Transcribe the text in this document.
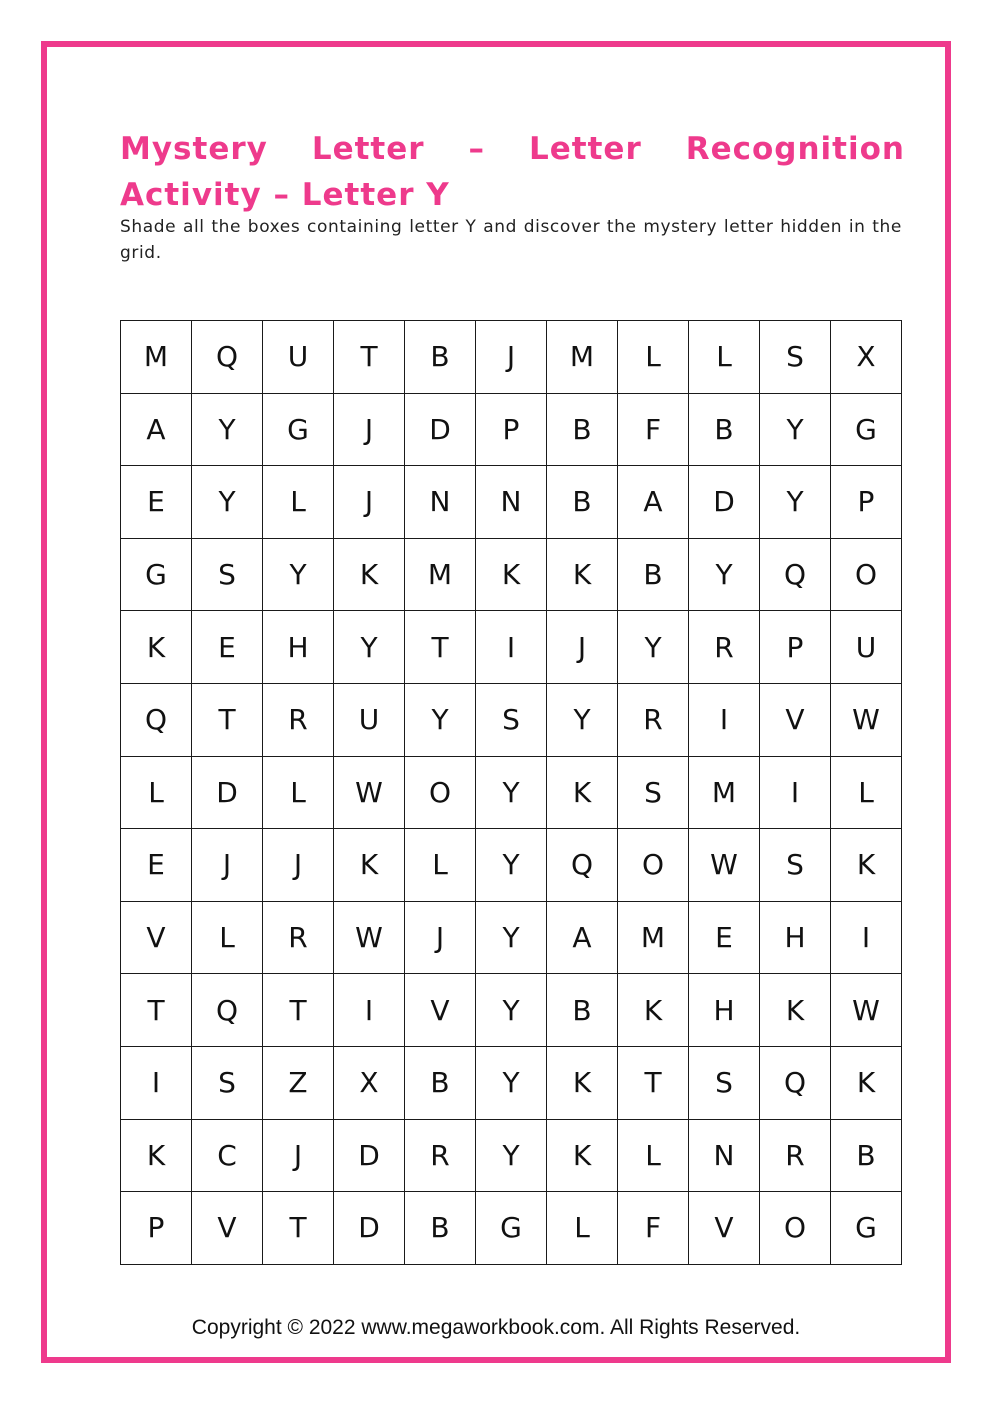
Mystery Letter – Letter Recognition Activity – Letter Y

Shade all the boxes containing letter Y and discover the mystery letter hidden in the grid.

M	Q	U	T	B	J	M	L	L	S	X
A	Y	G	J	D	P	B	F	B	Y	G
E	Y	L	J	N	N	B	A	D	Y	P
G	S	Y	K	M	K	K	B	Y	Q	O
K	E	H	Y	T	I	J	Y	R	P	U
Q	T	R	U	Y	S	Y	R	I	V	W
L	D	L	W	O	Y	K	S	M	I	L
E	J	J	K	L	Y	Q	O	W	S	K
V	L	R	W	J	Y	A	M	E	H	I
T	Q	T	I	V	Y	B	K	H	K	W
I	S	Z	X	B	Y	K	T	S	Q	K
K	C	J	D	R	Y	K	L	N	R	B
P	V	T	D	B	G	L	F	V	O	G

Copyright © 2022 www.megaworkbook.com. All Rights Reserved.
